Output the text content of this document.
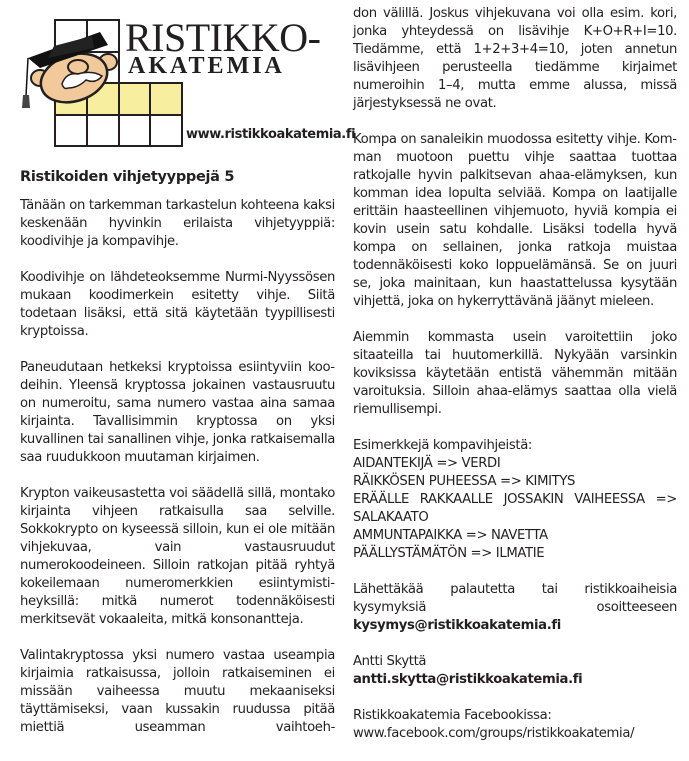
RISTIKKO-
AKATEMIA
www.ristikkoakatemia.fi
Ristikoiden vihjetyyppejä 5

Tänään on tarkemman tarkastelun kohteena kaksi keskenään hyvinkin erilaista vihjetyyppiä: koodivihje ja kompavihje.

Koodivihje on lähdeteoksemme Nurmi-Nyyssösen mukaan koodimerkein esitetty vihje. Siitä todetaan lisäksi, että sitä käytetään tyypillisesti kryptoissa.

Paneudutaan hetkeksi kryptoissa esiintyviin koodeihin. Yleensä kryptossa jokainen vastausruutu on numeroitu, sama numero vastaa aina samaa kirjainta. Tavallisimmin kryptossa on yksi kuvallinen tai sanallinen vihje, jonka ratkaisemalla saa ruudukkoon muutaman kirjaimen.

Krypton vaikeusastetta voi säädellä sillä, montako kirjainta vihjeen ratkaisulla saa selville. Sokkokrypto on kyseessä silloin, kun ei ole mitään vihjekuvaa, vain vastausruudut numerokoodeineen. Silloin ratkojan pitää ryhtyä kokeilemaan numeromerkkien esiintymistiheyksillä: mitkä numerot todennäköisesti merkitsevät vokaaleita, mitkä konsonantteja.

Valintakryptossa yksi numero vastaa useampia kirjaimia ratkaisussa, jolloin ratkaiseminen ei missään vaiheessa muutu mekaaniseksi täyttämiseksi, vaan kussakin ruudussa pitää miettiä useamman vaihtoeh-

don välillä. Joskus vihjekuvana voi olla esim. kori, jonka yhteydessä on lisävihje K+O+R+I=10. Tiedämme, että 1+2+3+4=10, joten annetun lisävihjeen perusteella tiedämme kirjaimet numeroihin 1–4, mutta emme alussa, missä järjestyksessä ne ovat.

Kompa on sanaleikin muodossa esitetty vihje. Komman muotoon puettu vihje saattaa tuottaa ratkojalle hyvin palkitsevan ahaa-elämyksen, kun komman idea lopulta selviää. Kompa on laatijalle erittäin haasteellinen vihjemuoto, hyviä kompia ei kovin usein satu kohdalle. Lisäksi todella hyvä kompa on sellainen, jonka ratkoja muistaa todennäköisesti koko loppuelämänsä. Se on juuri se, joka mainitaan, kun haastattelussa kysytään vihjettä, joka on hykerryttävänä jäänyt mieleen.

Aiemmin kommasta usein varoitettiin joko sitaateilla tai huutomerkillä. Nykyään varsinkin koviksissa käytetään entistä vähemmän mitään varoituksia. Silloin ahaa-elämys saattaa olla vielä riemullisempi.

Esimerkkejä kompavihjeistä:

AIDANTEKIJÄ => VERDI

RÄIKKÖSEN PUHEESSA => KIMITYS

ERÄÄLLE RAKKAALLE JOSSAKIN VAIHEESSA =>

SALAKAATO

AMMUNTAPAIKKA => NAVETTA

PÄÄLLYSTÄMÄTÖN => ILMATIE

Lähettäkää palautetta tai ristikkoaiheisia kysymyksiä osoitteeseen kysymys@ristikkoakatemia.fi

Antti Skyttä
antti.skytta@ristikkoakatemia.fi

Ristikkoakatemia Facebookissa:
www.facebook.com/groups/ristikkoakatemia/
